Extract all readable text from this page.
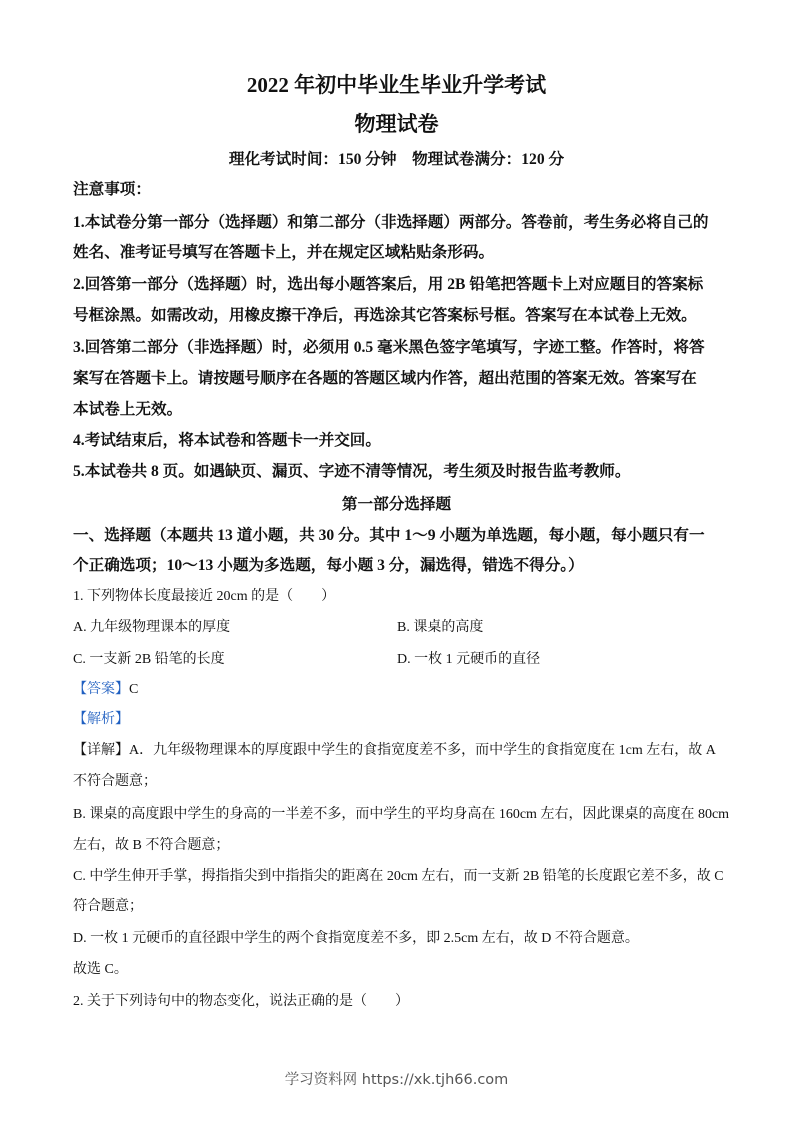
2022 年初中毕业生毕业升学考试
物理试卷
理化考试时间：150 分钟　物理试卷满分：120 分
注意事项：
1.本试卷分第一部分（选择题）和第二部分（非选择题）两部分。答卷前，考生务必将自己的
姓名、准考证号填写在答题卡上，并在规定区域粘贴条形码。
2.回答第一部分（选择题）时，选出每小题答案后，用 2B 铅笔把答题卡上对应题目的答案标
号框涂黑。如需改动，用橡皮擦干净后，再选涂其它答案标号框。答案写在本试卷上无效。
3.回答第二部分（非选择题）时，必须用 0.5 毫米黑色签字笔填写，字迹工整。作答时，将答
案写在答题卡上。请按题号顺序在各题的答题区域内作答，超出范围的答案无效。答案写在
本试卷上无效。
4.考试结束后，将本试卷和答题卡一并交回。
5.本试卷共 8 页。如遇缺页、漏页、字迹不清等情况，考生须及时报告监考教师。
第一部分选择题
一、选择题（本题共 13 道小题，共 30 分。其中 1～9 小题为单选题，每小题，每小题只有一
个正确选项；10～13 小题为多选题，每小题 3 分，漏选得，错选不得分。）
1. 下列物体长度最接近 20cm 的是（　　）
A. 九年级物理课本的厚度	B. 课桌的高度
C. 一支新 2B 铅笔的长度	D. 一枚 1 元硬币的直径
【答案】C
【解析】
【详解】A．九年级物理课本的厚度跟中学生的食指宽度差不多，而中学生的食指宽度在 1cm 左右，故 A
不符合题意；
B. 课桌的高度跟中学生的身高的一半差不多，而中学生的平均身高在 160cm 左右，因此课桌的高度在 80cm
左右，故 B 不符合题意；
C. 中学生伸开手掌，拇指指尖到中指指尖的距离在 20cm 左右，而一支新 2B 铅笔的长度跟它差不多，故 C
符合题意；
D. 一枚 1 元硬币的直径跟中学生的两个食指宽度差不多，即 2.5cm 左右，故 D 不符合题意。
故选 C。
2. 关于下列诗句中的物态变化，说法正确的是（　　）
学习资料网 https://xk.tjh66.com
